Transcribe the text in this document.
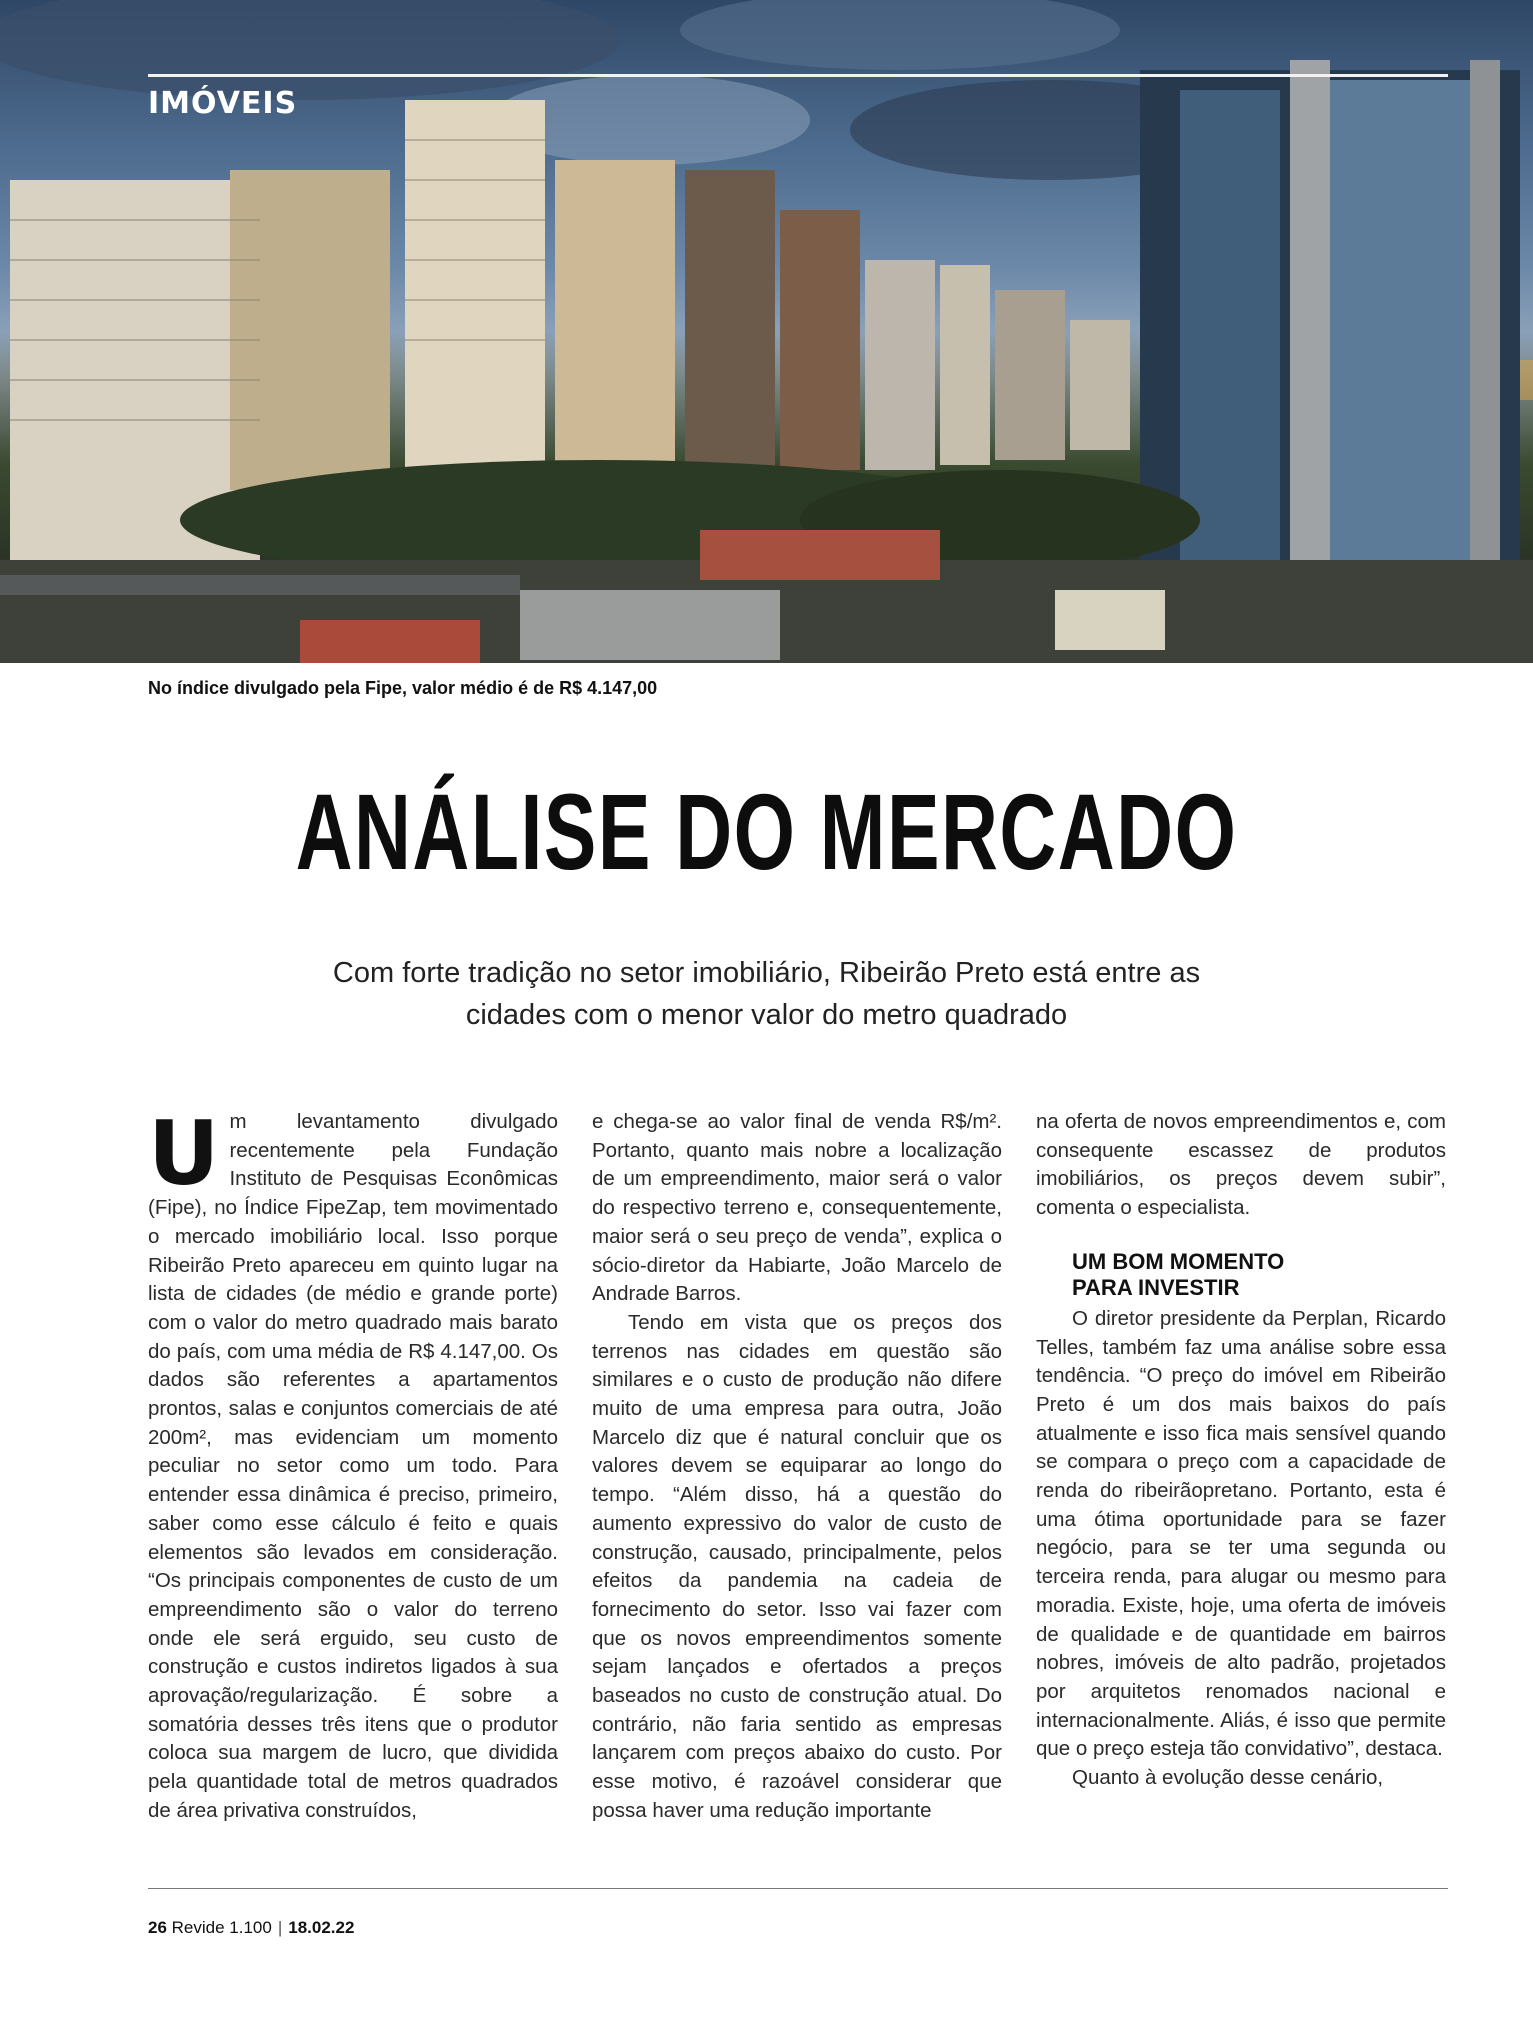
IMÓVEIS

No índice divulgado pela Fipe, valor médio é de R$ 4.147,00

ANÁLISE DO MERCADO

Com forte tradição no setor imobiliário, Ribeirão Preto está entre as cidades com o menor valor do metro quadrado

Um levantamento divulgado recentemente pela Fundação Instituto de Pesquisas Econômicas (Fipe), no Índice FipeZap, tem movimentado o mercado imobiliário local. Isso porque Ribeirão Preto apareceu em quinto lugar na lista de cidades (de médio e grande porte) com o valor do metro quadrado mais barato do país, com uma média de R$ 4.147,00. Os dados são referentes a apartamentos prontos, salas e conjuntos comerciais de até 200m², mas evidenciam um momento peculiar no setor como um todo. Para entender essa dinâmica é preciso, primeiro, saber como esse cálculo é feito e quais elementos são levados em consideração. “Os principais componentes de custo de um empreendimento são o valor do terreno onde ele será erguido, seu custo de construção e custos indiretos ligados à sua aprovação/regularização. É sobre a somatória desses três itens que o produtor coloca sua margem de lucro, que dividida pela quantidade total de metros quadrados de área privativa construídos,

e chega-se ao valor final de venda R$/m². Portanto, quanto mais nobre a localização de um empreendimento, maior será o valor do respectivo terreno e, consequentemente, maior será o seu preço de venda”, explica o sócio-diretor da Habiarte, João Marcelo de Andrade Barros.

Tendo em vista que os preços dos terrenos nas cidades em questão são similares e o custo de produção não difere muito de uma empresa para outra, João Marcelo diz que é natural concluir que os valores devem se equiparar ao longo do tempo. “Além disso, há a questão do aumento expressivo do valor de custo de construção, causado, principalmente, pelos efeitos da pandemia na cadeia de fornecimento do setor. Isso vai fazer com que os novos empreendimentos somente sejam lançados e ofertados a preços baseados no custo de construção atual. Do contrário, não faria sentido as empresas lançarem com preços abaixo do custo. Por esse motivo, é razoável considerar que possa haver uma redução importante

na oferta de novos empreendimentos e, com consequente escassez de produtos imobiliários, os preços devem subir”, comenta o especialista.

UM BOM MOMENTO
PARA INVESTIR

O diretor presidente da Perplan, Ricardo Telles, também faz uma análise sobre essa tendência. “O preço do imóvel em Ribeirão Preto é um dos mais baixos do país atualmente e isso fica mais sensível quando se compara o preço com a capacidade de renda do ribeirãopretano. Portanto, esta é uma ótima oportunidade para se fazer negócio, para se ter uma segunda ou terceira renda, para alugar ou mesmo para moradia. Existe, hoje, uma oferta de imóveis de qualidade e de quantidade em bairros nobres, imóveis de alto padrão, projetados por arquitetos renomados nacional e internacionalmente. Aliás, é isso que permite que o preço esteja tão convidativo”, destaca.

Quanto à evolução desse cenário,

26 Revide 1.100 | 18.02.22
